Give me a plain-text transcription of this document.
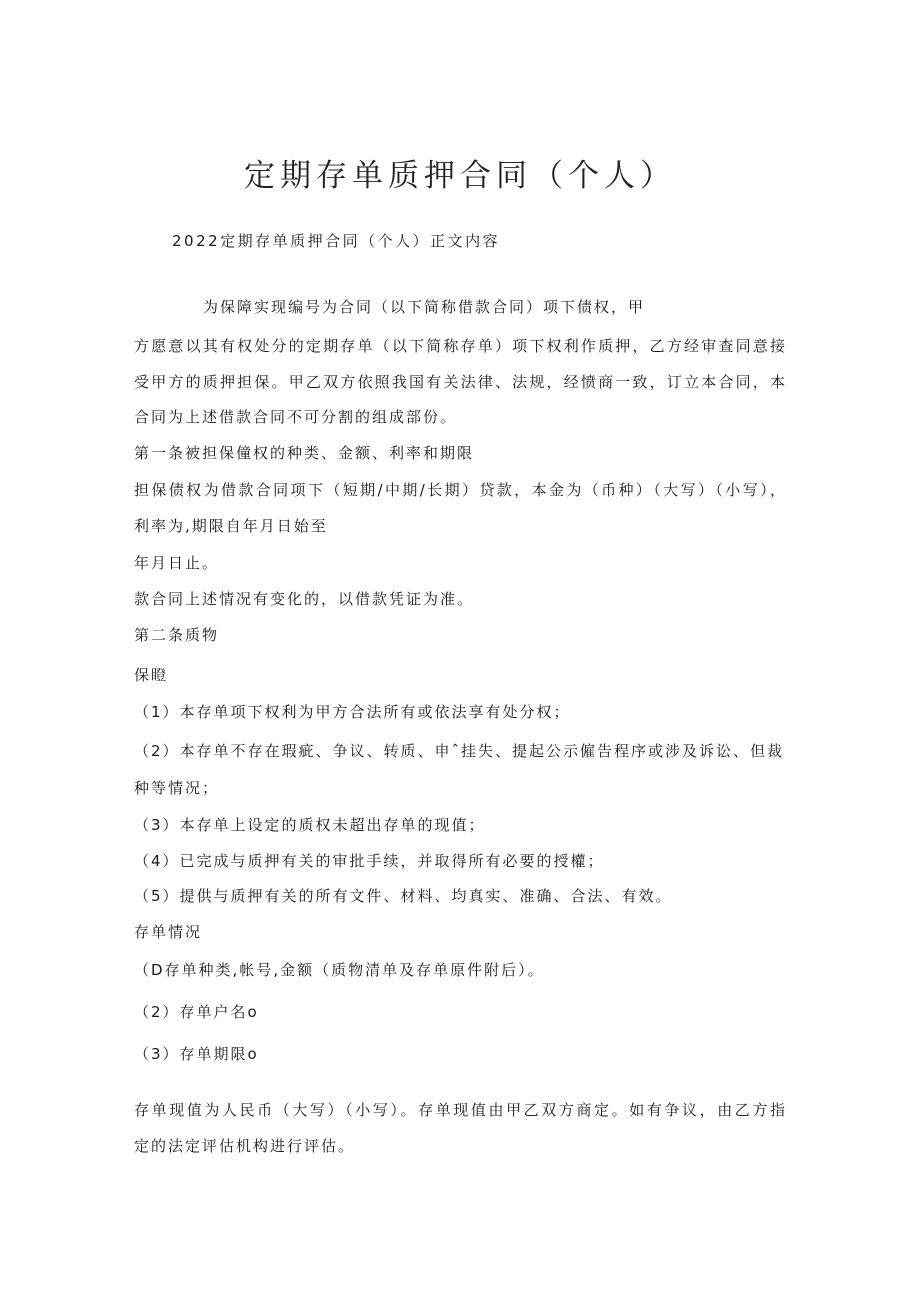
定期存单质押合同（个人）

2022定期存单质押合同（个人）正文内容

为保障实现编号为合同（以下简称借款合同）项下债权，甲

方愿意以其有权处分的定期存单（以下简称存单）项下权利作质押，乙方经审查同意接

受甲方的质押担保。甲乙双方依照我国有关法律、法规，经愤商一致，订立本合同，本

合同为上述借款合同不可分割的组成部份。

第一条被担保僮权的种类、金额、利率和期限

担保债权为借款合同项下（短期/中期/长期）贷款，本金为（币种）（大写）（小写），

利率为,期限自年月日始至

年月日止。

款合同上述情况有变化的，以借款凭证为准。

第二条质物

保瞪

（1）本存单项下权利为甲方合法所有或依法享有处分权；

（2）本存单不存在瑕疵、争议、转质、申ˆ挂失、提起公示僱告程序或涉及诉讼、但裁

种等情况；

（3）本存单上设定的质权未超出存单的现值；

（4）已完成与质押有关的审批手续，并取得所有必要的授權；

（5）提供与质押有关的所有文件、材料、均真实、准确、合法、有效。

存单情况

（D存单种类,帐号,金额（质物清单及存单原件附后）。

（2）存单户名o

（3）存单期限o

存单现值为人民币（大写）（小写）。存单现值由甲乙双方商定。如有争议，由乙方指

定的法定评估机构进行评估。
